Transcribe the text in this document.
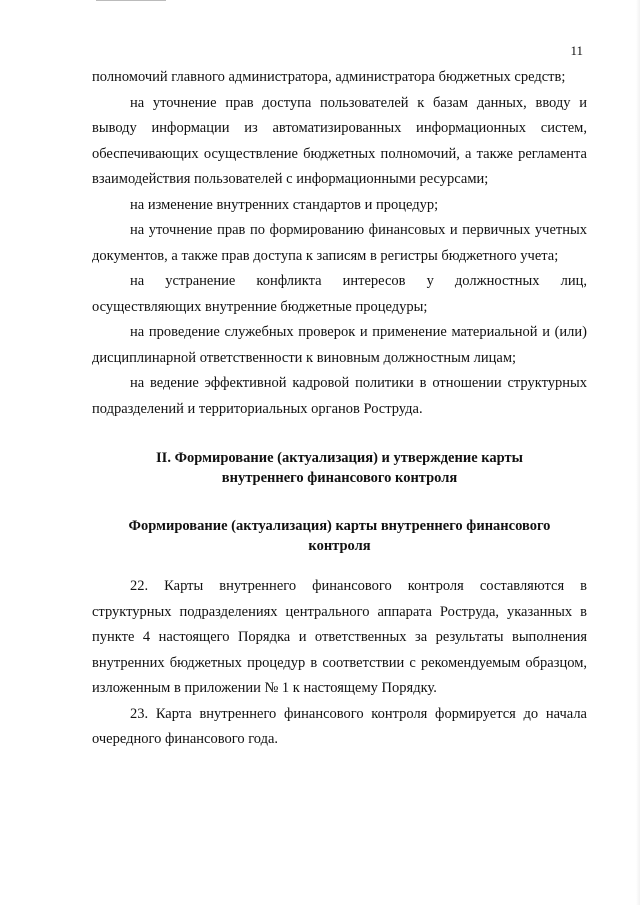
11

полномочий главного администратора, администратора бюджетных средств;

на уточнение прав доступа пользователей к базам данных, вводу и выводу информации из автоматизированных информационных систем, обеспечивающих осуществление бюджетных полномочий, а также регламента взаимодействия пользователей с информационными ресурсами;

на изменение внутренних стандартов и процедур;

на уточнение прав по формированию финансовых и первичных учетных документов, а также прав доступа к записям в регистры бюджетного учета;

на устранение конфликта интересов у должностных лиц, осуществляющих внутренние бюджетные процедуры;

на проведение служебных проверок и применение материальной и (или) дисциплинарной ответственности к виновным должностным лицам;

на ведение эффективной кадровой политики в отношении структурных подразделений и территориальных органов Роструда.

II. Формирование (актуализация) и утверждение карты
внутреннего финансового контроля
Формирование (актуализация) карты внутреннего финансового
контроля

22. Карты внутреннего финансового контроля составляются в структурных подразделениях центрального аппарата Роструда, указанных в пункте 4 настоящего Порядка и ответственных за результаты выполнения внутренних бюджетных процедур в соответствии с рекомендуемым образцом, изложенным в приложении № 1 к настоящему Порядку.

23. Карта внутреннего финансового контроля формируется до начала очередного финансового года.
